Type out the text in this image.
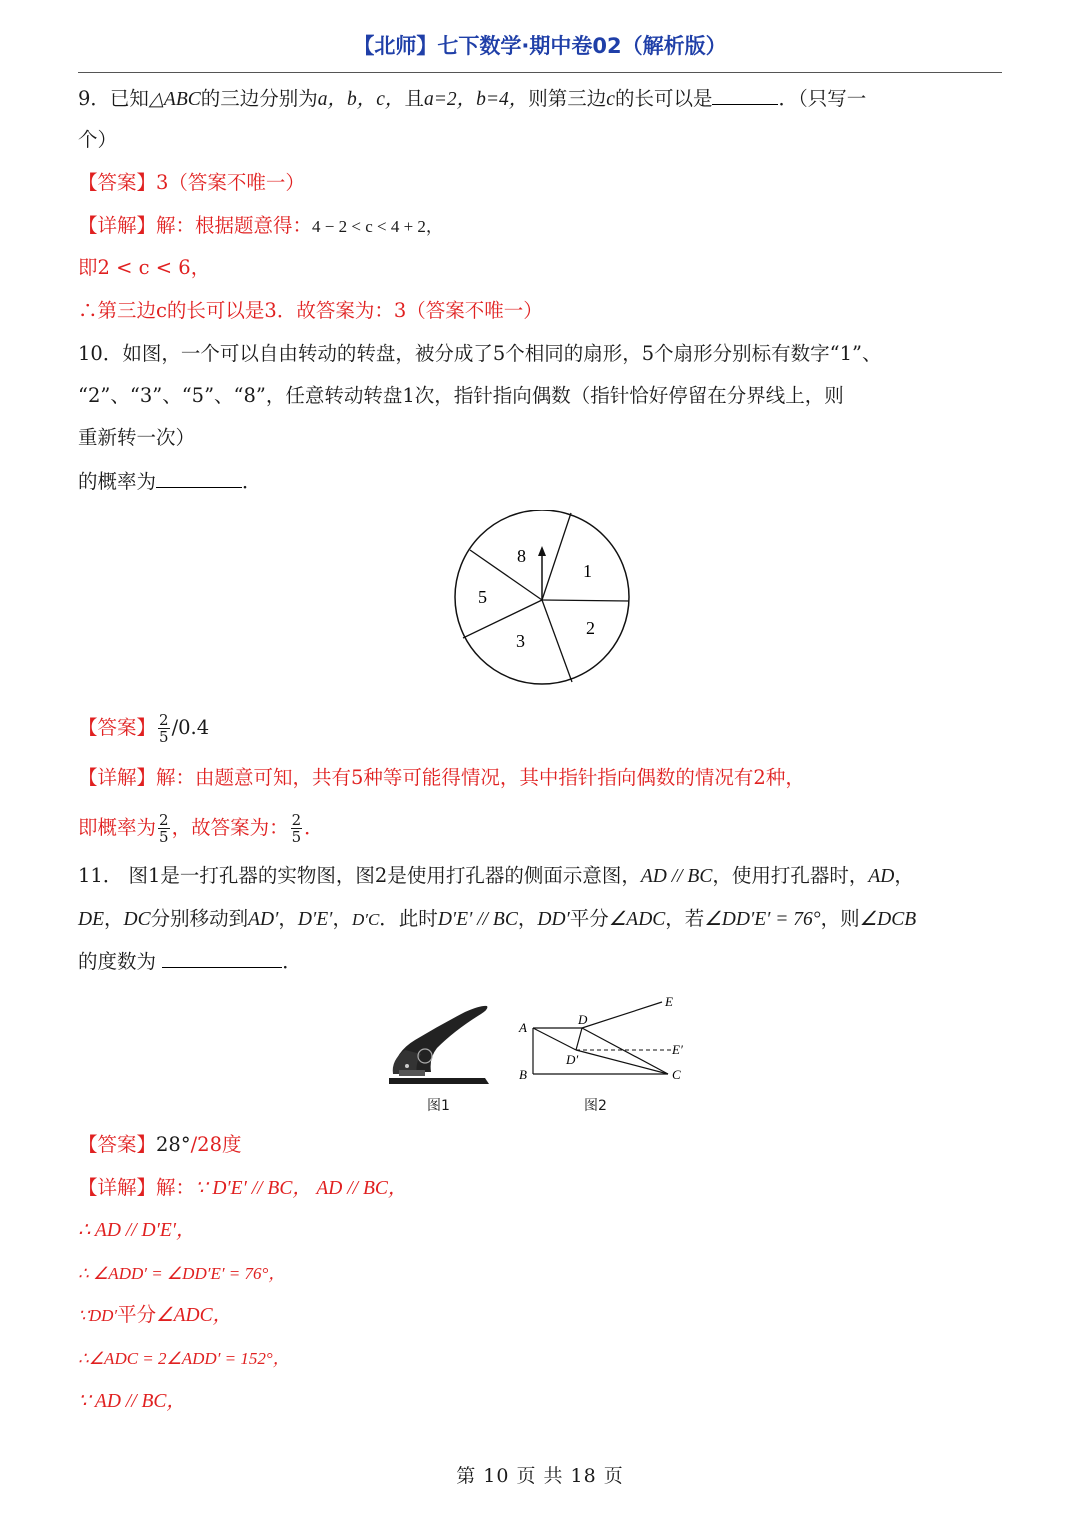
【北师】七下数学·期中卷02（解析版）
9．已知△ABC的三边分别为a，b，c，且a=2，b=4，则第三边c的长可以是	．（只写一
个）
【答案】3（答案不唯一）
【详解】解：根据题意得：4 − 2 < c < 4 + 2，
即2 < c < 6，
∴第三边c的长可以是3．故答案为：3（答案不唯一）
10．如图，一个可以自由转动的转盘，被分成了5个相同的扇形，5个扇形分别标有数字“1”、
“2”、“3”、“5”、“8”，任意转动转盘1次，指针指向偶数（指针恰好停留在分界线上，则
重新转一次）
的概率为	．
8
1
2
3
5
【答案】 $\frac{2}{5} /0.4$
【详解】解：由题意可知，共有5种等可能得情况，其中指针指向偶数的情况有2种，
即概率为 $\frac{2}{5}$ ，故答案为： $\frac{2}{5}$ ．
11． 图1是一打孔器的实物图，图2是使用打孔器的侧面示意图，AD // BC，使用打孔器时，AD，
DE，DC分别移动到AD′，D′E′，D′C．此时D′E′ // BC，DD′平分∠ADC，若∠DD′E′ = 76°，则∠DCB
的度数为	．
图1
A
B	C
D
D′
E
E′
图2
【答案】28°/28度
【详解】解：∵ D′E′ // BC， AD // BC，
∴ AD // D′E′，
∴ ∠ADD′ = ∠DD′E′ = 76°，
∵DD′平分∠ADC，
∴∠ADC = 2∠ADD′ = 152°，
∵ AD // BC，
第 10 页 共 18 页
